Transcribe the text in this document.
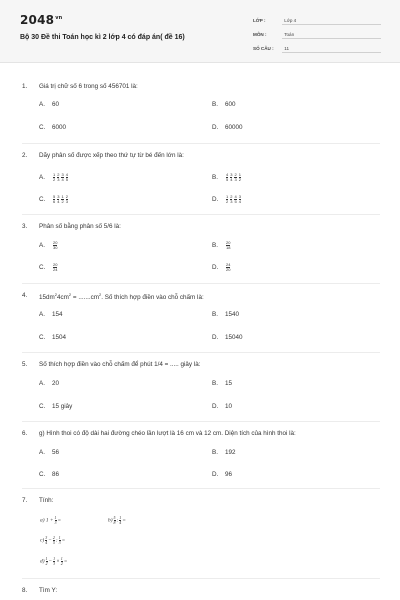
$2048^{vn}$
Bộ 30 Đề thi Toán học kì 2 lớp 4 có đáp án( đề 16)
LỚP :	Lớp 4
MÔN :	Toán
SỐ CÂU : 11
1. Giá trị chữ số 6 trong số 456701 là:
A. 60	B. 600
C. 6000	D. 60000
2. Dãy phân số được xếp theo thứ tự từ bé đến lớn là:
A. $\frac{1}{2} \frac{2}{3} \frac{3}{4} \frac{4}{5}$	B. $\frac{4}{5} \frac{3}{4} \frac{2}{3} \frac{1}{2}$
C. $\frac{5}{6} \frac{3}{4} \frac{1}{2} \frac{2}{3}$	D. $\frac{1}{2} \frac{2}{3} \frac{4}{5} \frac{3}{4}$
3. Phân số bằng phân số 5/6 là:
A. $\frac{20}{30}$	B. $\frac{20}{18}$
C. $\frac{20}{24}$	D. $\frac{24}{20}$
4. $15dm^24cm^2 = .......cm^2$. Số thích hợp điền vào chỗ chấm là:
A. 154	B. 1540
C. 1504	D. 15040
5. Số thích hợp điền vào chỗ chấm để phút 1/4 = ..... giây là:
A. 20	B. 15
C. 15 giây	D. 10
6. g) Hình thoi có độ dài hai đường chéo lần lượt là 16 cm và 12 cm. Diện tích của hình thoi là:
A. 56	B. 192
C. 86	D. 96
7. Tính:
a) $1 + \frac{1}{3}$ =	$b) \frac{5}{8}$ : $\frac{1}{4}$ =
$c) \frac{3}{4} - \frac{2}{5}$ : $\frac{1}{3}$ =
$d) \frac{1}{2} - \frac{1}{3} \times \frac{1}{2}$ =
8. Tìm Y:
